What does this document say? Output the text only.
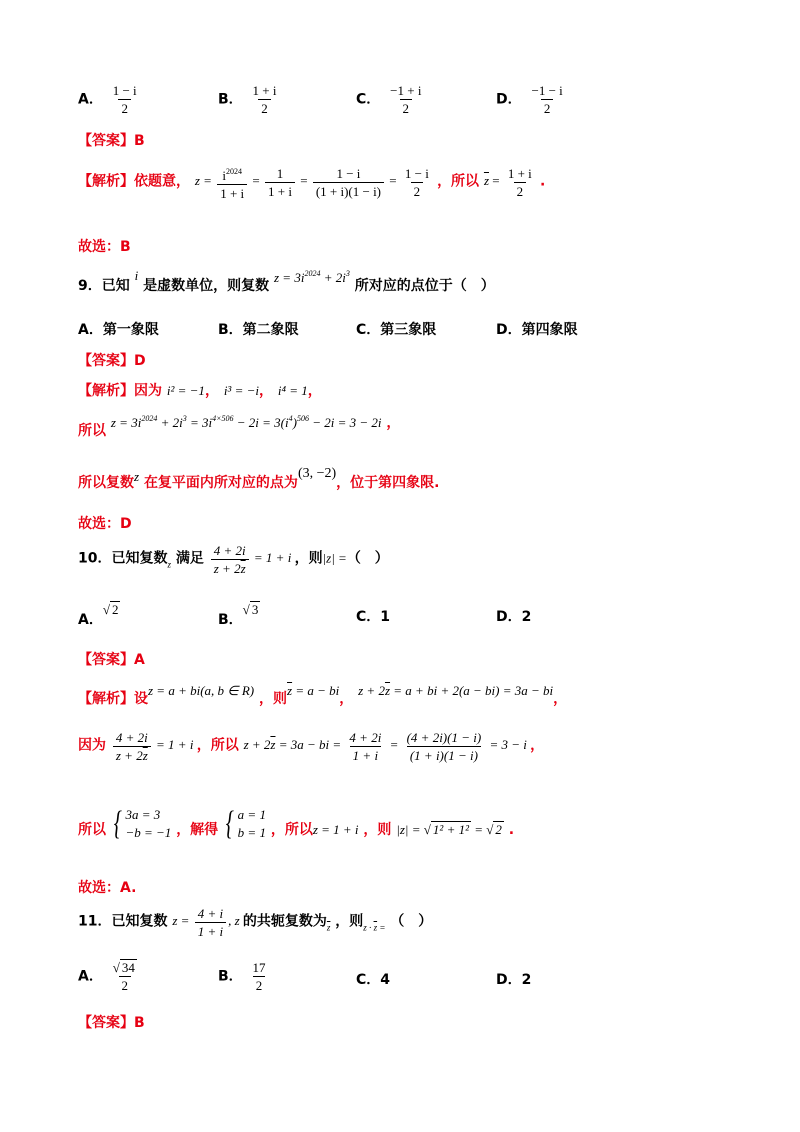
A． $\frac{1 - i}{2}$	B． $\frac{1 + i}{2}$	C． $\frac{-1 + i}{2}$	D． $\frac{-1 - i}{2}$
【答案】B
【解析】依题意， $z = \frac{i^{2024}}{1 + i} = \frac{1}{1 + i} = \frac{1 - i}{(1 + i)(1 - i)} = \frac{1 - i}{2}$ ，所以 $\overline{z} = \frac{1 + i}{2}$ .
故选：B
9．已知 i 是虚数单位，则复数 $z = 3i^{2024} + 2i^3$ 所对应的点位于（　）
A．第一象限	B．第二象限	C．第三象限	D．第四象限
【答案】D
【解析】因为 i² = −1， i³ = −i， i⁴ = 1，
所以 $z = 3i^{2024} + 2i^3 = 3i^{4\times 506} - 2i = 3(i^4)^{506} - 2i = 3 - 2i$ ，
所以复数z 在复平面内所对应的点为(3, −2)，位于第四象限.
故选：D
10．已知复数$_z$ 满足 $\frac{4 + 2i}{z + 2\overline{z}} = 1 + i$ ，则|z| =（　）
A．√ 2
B．√ 3	C．1	D．2
【答案】A
【解析】设z = a + bi(a, b ∈ R) ，则$\overline{z} = a$ − bi， $z + 2\overline{z} = a$ + bi + 2(a − bi) = 3a − bi，
因为 $\frac{4 + 2i}{z + 2\overline{z}} = 1 + i$ ，所以 $z + 2\overline{z} = 3a$ − bi = $\frac{4 + 2i}{1 + i} = \frac{(4 + 2i)(1 - i)}{(1 + i)(1 - i)} = 3 - i$ ，
所以 { 3a = 3
−b = −1 ，解得 { a = 1
b = 1 ，所以z = 1 + i ，则 |z| = √ 1² + 1² = √ 2 .
故选：A.
11．已知复数 $z = \frac{4 + i}{1 + i}$ , z 的共轭复数为$_{\overline{z}}$ ，则$_{z \cdot \overline{z} =}$ （　）
A． $\frac{√ 34}{2}$	B． $\frac{17}{2}$	C．4	D．2
【答案】B
